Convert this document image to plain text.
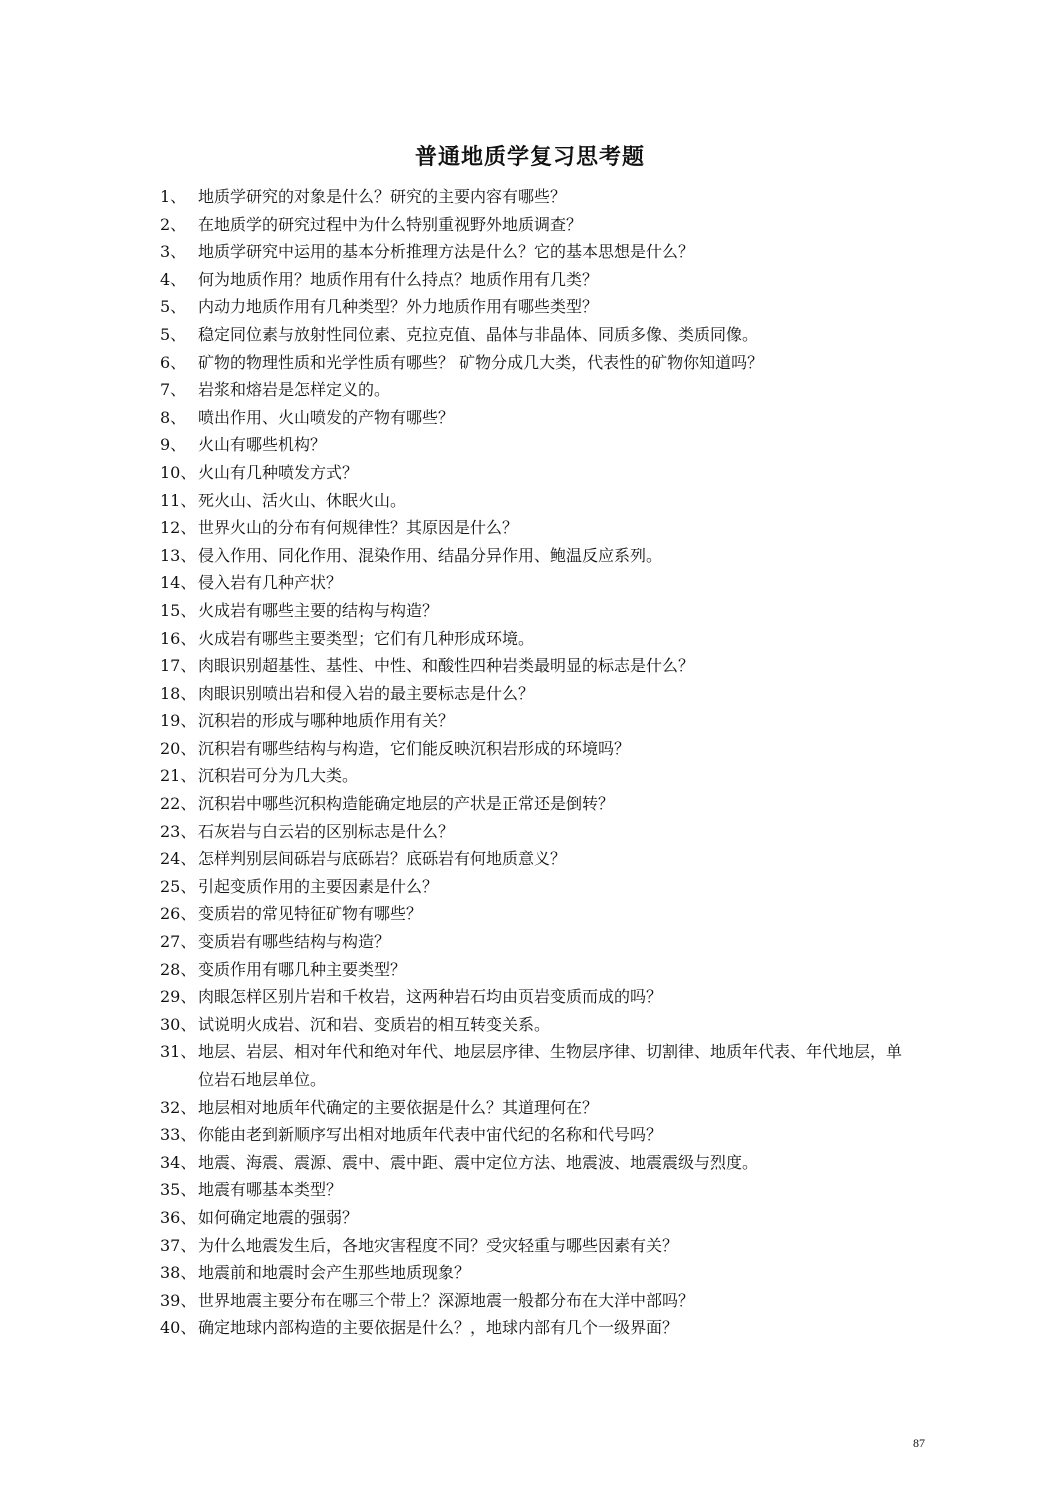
普通地质学复习思考题
1、 地质学研究的对象是什么？研究的主要内容有哪些？
2、 在地质学的研究过程中为什么特别重视野外地质调查？
3、 地质学研究中运用的基本分析推理方法是什么？它的基本思想是什么？
4、 何为地质作用？地质作用有什么持点？地质作用有几类？
5、 内动力地质作用有几种类型？外力地质作用有哪些类型？
5、 稳定同位素与放射性同位素、克拉克值、晶体与非晶体、同质多像、类质同像。
6、 矿物的物理性质和光学性质有哪些？ 矿物分成几大类，代表性的矿物你知道吗？
7、 岩浆和熔岩是怎样定义的。
8、 喷出作用、火山喷发的产物有哪些？
9、 火山有哪些机构？
10、 火山有几种喷发方式？
11、 死火山、活火山、休眠火山。
12、 世界火山的分布有何规律性？其原因是什么？
13、 侵入作用、同化作用、混染作用、结晶分异作用、鲍温反应系列。
14、 侵入岩有几种产状？
15、 火成岩有哪些主要的结构与构造？
16、 火成岩有哪些主要类型；它们有几种形成环境。
17、 肉眼识别超基性、基性、中性、和酸性四种岩类最明显的标志是什么？
18、 肉眼识别喷出岩和侵入岩的最主要标志是什么？
19、 沉积岩的形成与哪种地质作用有关？
20、 沉积岩有哪些结构与构造，它们能反映沉积岩形成的环境吗？
21、 沉积岩可分为几大类。
22、 沉积岩中哪些沉积构造能确定地层的产状是正常还是倒转？
23、 石灰岩与白云岩的区别标志是什么？
24、 怎样判别层间砾岩与底砾岩？底砾岩有何地质意义？
25、 引起变质作用的主要因素是什么？
26、 变质岩的常见特征矿物有哪些？
27、 变质岩有哪些结构与构造？
28、 变质作用有哪几种主要类型？
29、 肉眼怎样区别片岩和千枚岩，这两种岩石均由页岩变质而成的吗？
30、 试说明火成岩、沉和岩、变质岩的相互转变关系。
31、 地层、岩层、相对年代和绝对年代、地层层序律、生物层序律、切割律、地质年代表、年代地层，单位岩石地层单位。
32、 地层相对地质年代确定的主要依据是什么？其道理何在？
33、 你能由老到新顺序写出相对地质年代表中宙代纪的名称和代号吗？
34、 地震、海震、震源、震中、震中距、震中定位方法、地震波、地震震级与烈度。
35、 地震有哪基本类型？
36、 如何确定地震的强弱？
37、 为什么地震发生后，各地灾害程度不同？受灾轻重与哪些因素有关？
38、 地震前和地震时会产生那些地质现象？
39、 世界地震主要分布在哪三个带上？深源地震一般都分布在大洋中部吗？
40、 确定地球内部构造的主要依据是什么？，地球内部有几个一级界面？
87
